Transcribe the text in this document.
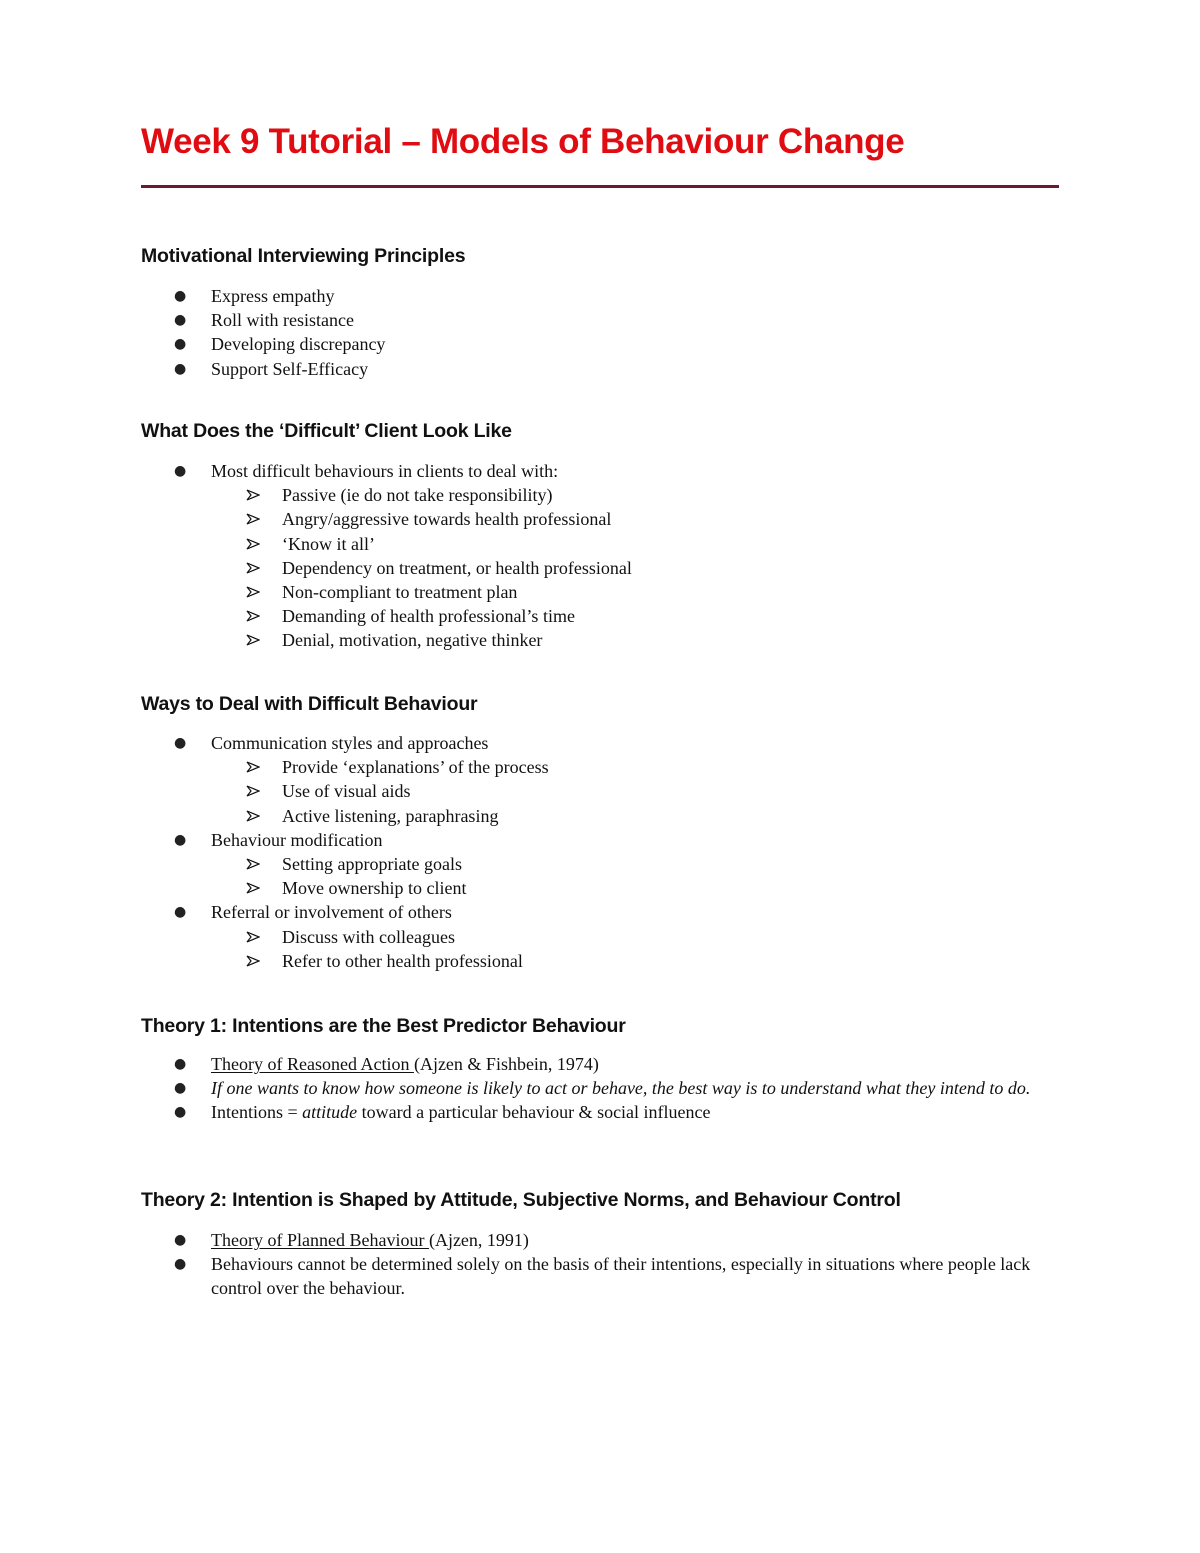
Week 9 Tutorial – Models of Behaviour Change
Motivational Interviewing Principles
● Express empathy
● Roll with resistance
● Developing discrepancy
● Support Self-Efficacy
What Does the ‘Difficult’ Client Look Like
● Most difficult behaviours in clients to deal with:
Passive (ie do not take responsibility)
Angry/aggressive towards health professional
‘Know it all’
Dependency on treatment, or health professional
Non-compliant to treatment plan
Demanding of health professional’s time
Denial, motivation, negative thinker
Ways to Deal with Difficult Behaviour
● Communication styles and approaches
Provide ‘explanations’ of the process
Use of visual aids
Active listening, paraphrasing
● Behaviour modification
Setting appropriate goals
Move ownership to client
● Referral or involvement of others
Discuss with colleagues
Refer to other health professional
Theory 1: Intentions are the Best Predictor Behaviour
● Theory of Reasoned Action (Ajzen & Fishbein, 1974)
● If one wants to know how someone is likely to act or behave, the best way is to understand what they intend to do.
● Intentions = attitude toward a particular behaviour & social influence
Theory 2: Intention is Shaped by Attitude, Subjective Norms, and Behaviour Control
● Theory of Planned Behaviour (Ajzen, 1991)
● Behaviours cannot be determined solely on the basis of their intentions, especially in situations where people lack control over the behaviour.
